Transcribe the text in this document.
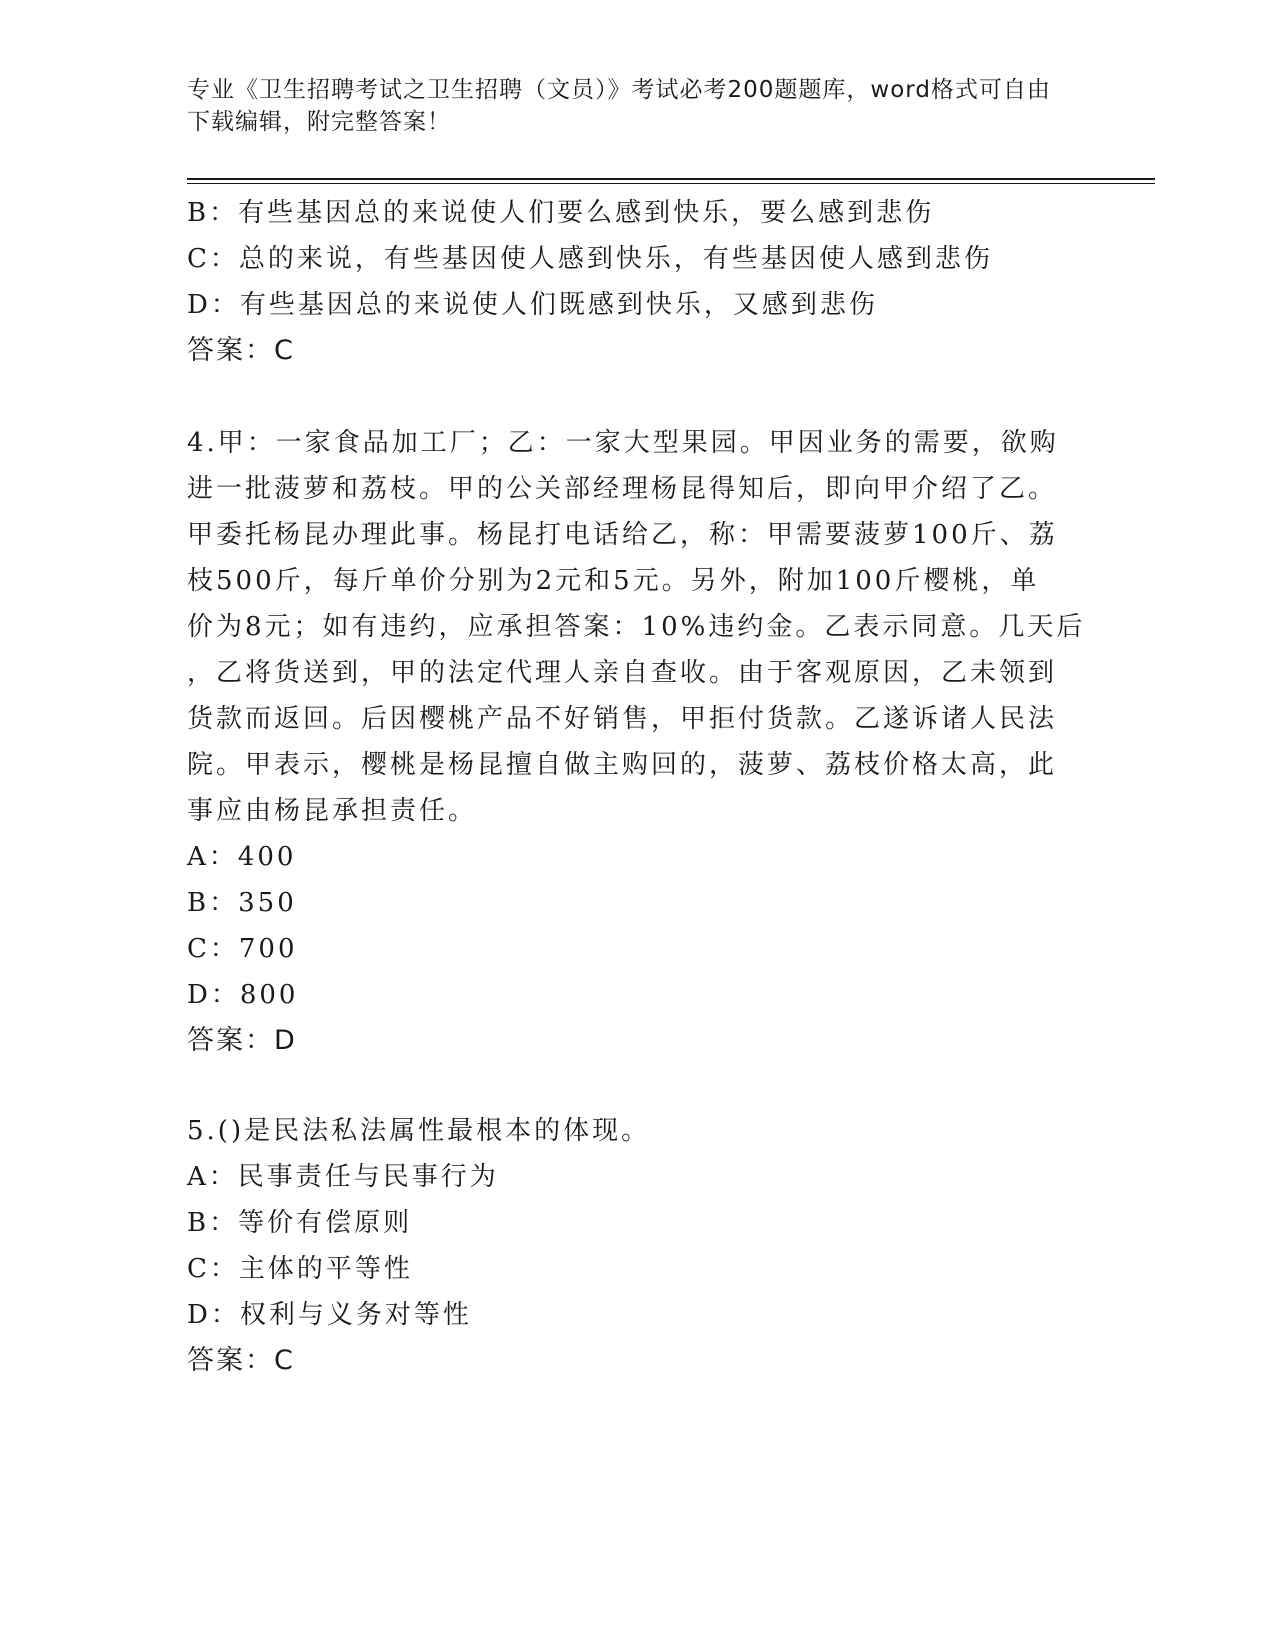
专业《卫生招聘考试之卫生招聘（文员）》考试必考200题题库，word格式可自由下载编辑，附完整答案！

B：有些基因总的来说使人们要么感到快乐，要么感到悲伤

C：总的来说，有些基因使人感到快乐，有些基因使人感到悲伤

D：有些基因总的来说使人们既感到快乐，又感到悲伤

答案：C

4.甲：一家食品加工厂；乙：一家大型果园。甲因业务的需要，欲购

进一批菠萝和荔枝。甲的公关部经理杨昆得知后，即向甲介绍了乙。

甲委托杨昆办理此事。杨昆打电话给乙，称：甲需要菠萝100斤、荔

枝500斤，每斤单价分别为2元和5元。另外，附加100斤樱桃，单

价为8元；如有违约，应承担答案：10%违约金。乙表示同意。几天后

，乙将货送到，甲的法定代理人亲自查收。由于客观原因，乙未领到

货款而返回。后因樱桃产品不好销售，甲拒付货款。乙遂诉诸人民法

院。甲表示，樱桃是杨昆擅自做主购回的，菠萝、荔枝价格太高，此

事应由杨昆承担责任。

A：400

B：350

C：700

D：800

答案：D

5.()是民法私法属性最根本的体现。

A：民事责任与民事行为

B：等价有偿原则

C：主体的平等性

D：权利与义务对等性

答案：C
